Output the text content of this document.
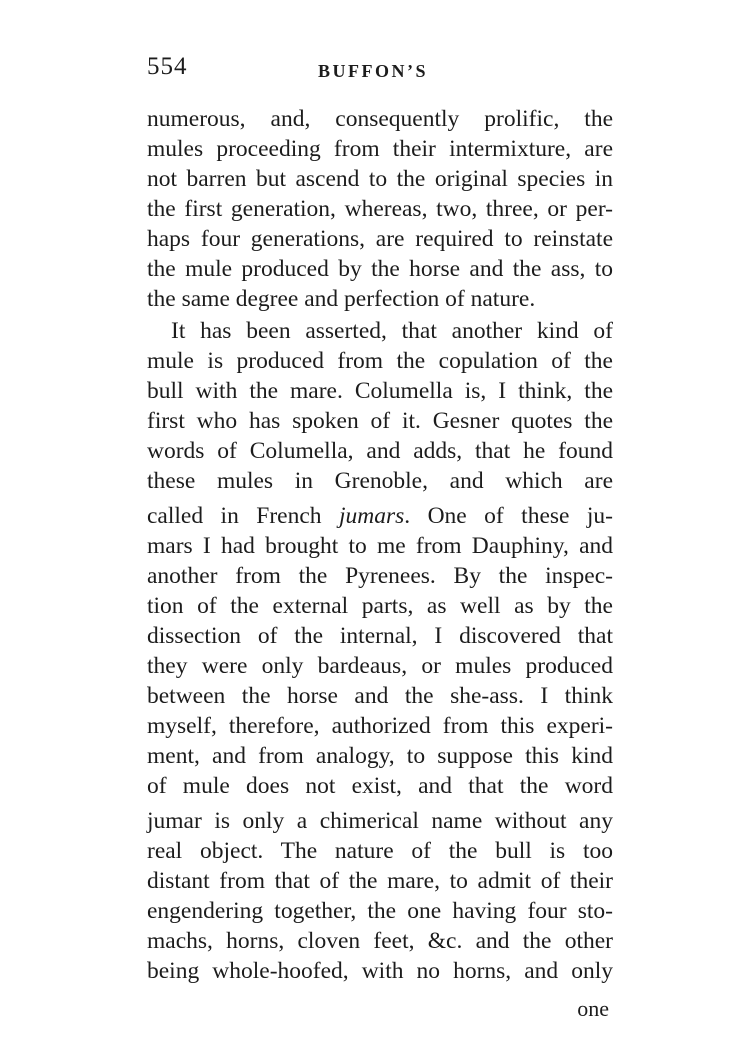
554	BUFFON’S
numerous, and, consequently prolific, the
mules proceeding from their intermixture, are
not barren but ascend to the original species in
the first generation, whereas, two, three, or per-
haps four generations, are required to reinstate
the mule produced by the horse and the ass, to
the same degree and perfection of nature.
It has been asserted, that another kind of
mule is produced from the copulation of the
bull with the mare. Columella is, I think, the
first who has spoken of it. Gesner quotes the
words of Columella, and adds, that he found
these mules in Grenoble, and which are
called in French jumars. One of these ju-
mars I had brought to me from Dauphiny, and
another from the Pyrenees. By the inspec-
tion of the external parts, as well as by the
dissection of the internal, I discovered that
they were only bardeaus, or mules produced
between the horse and the she-ass. I think
myself, therefore, authorized from this experi-
ment, and from analogy, to suppose this kind
of mule does not exist, and that the word
jumar is only a chimerical name without any
real object. The nature of the bull is too
distant from that of the mare, to admit of their
engendering together, the one having four sto-
machs, horns, cloven feet, &c. and the other
being whole-hoofed, with no horns, and only
one
